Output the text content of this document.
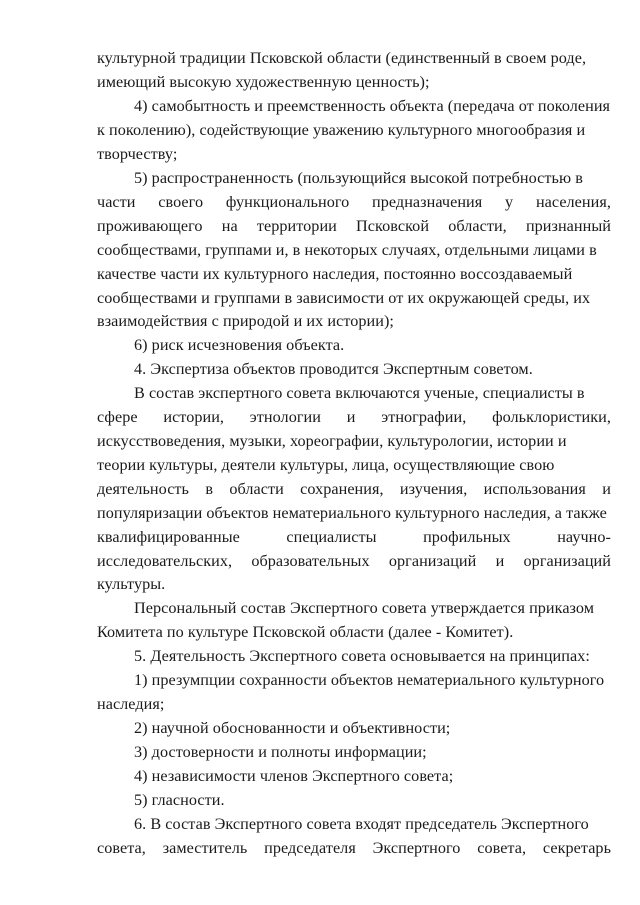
культурной традиции Псковской области (единственный в своем роде,
имеющий высокую художественную ценность);
4) самобытность и преемственность объекта (передача от поколения
к поколению), содействующие уважению культурного многообразия и
творчеству;
5) распространенность (пользующийся высокой потребностью в
части своего функционального предназначения у населения,
проживающего на территории Псковской области, признанный
сообществами, группами и, в некоторых случаях, отдельными лицами в
качестве части их культурного наследия, постоянно воссоздаваемый
сообществами и группами в зависимости от их окружающей среды, их
взаимодействия с природой и их истории);
6) риск исчезновения объекта.
4. Экспертиза объектов проводится Экспертным советом.
В состав экспертного совета включаются ученые, специалисты в
сфере истории, этнологии и этнографии, фольклористики,
искусствоведения, музыки, хореографии, культурологии, истории и
теории культуры, деятели культуры, лица, осуществляющие свою
деятельность в области сохранения, изучения, использования и
популяризации объектов нематериального культурного наследия, а также
квалифицированные	специалисты	профильных	научно-
исследовательских, образовательных организаций и организаций
культуры.
Персональный состав Экспертного совета утверждается приказом
Комитета по культуре Псковской области (далее - Комитет).
5. Деятельность Экспертного совета основывается на принципах:
1) презумпции сохранности объектов нематериального культурного
наследия;
2) научной обоснованности и объективности;
3) достоверности и полноты информации;
4) независимости членов Экспертного совета;
5) гласности.
6. В состав Экспертного совета входят председатель Экспертного
совета, заместитель председателя Экспертного совета, секретарь
